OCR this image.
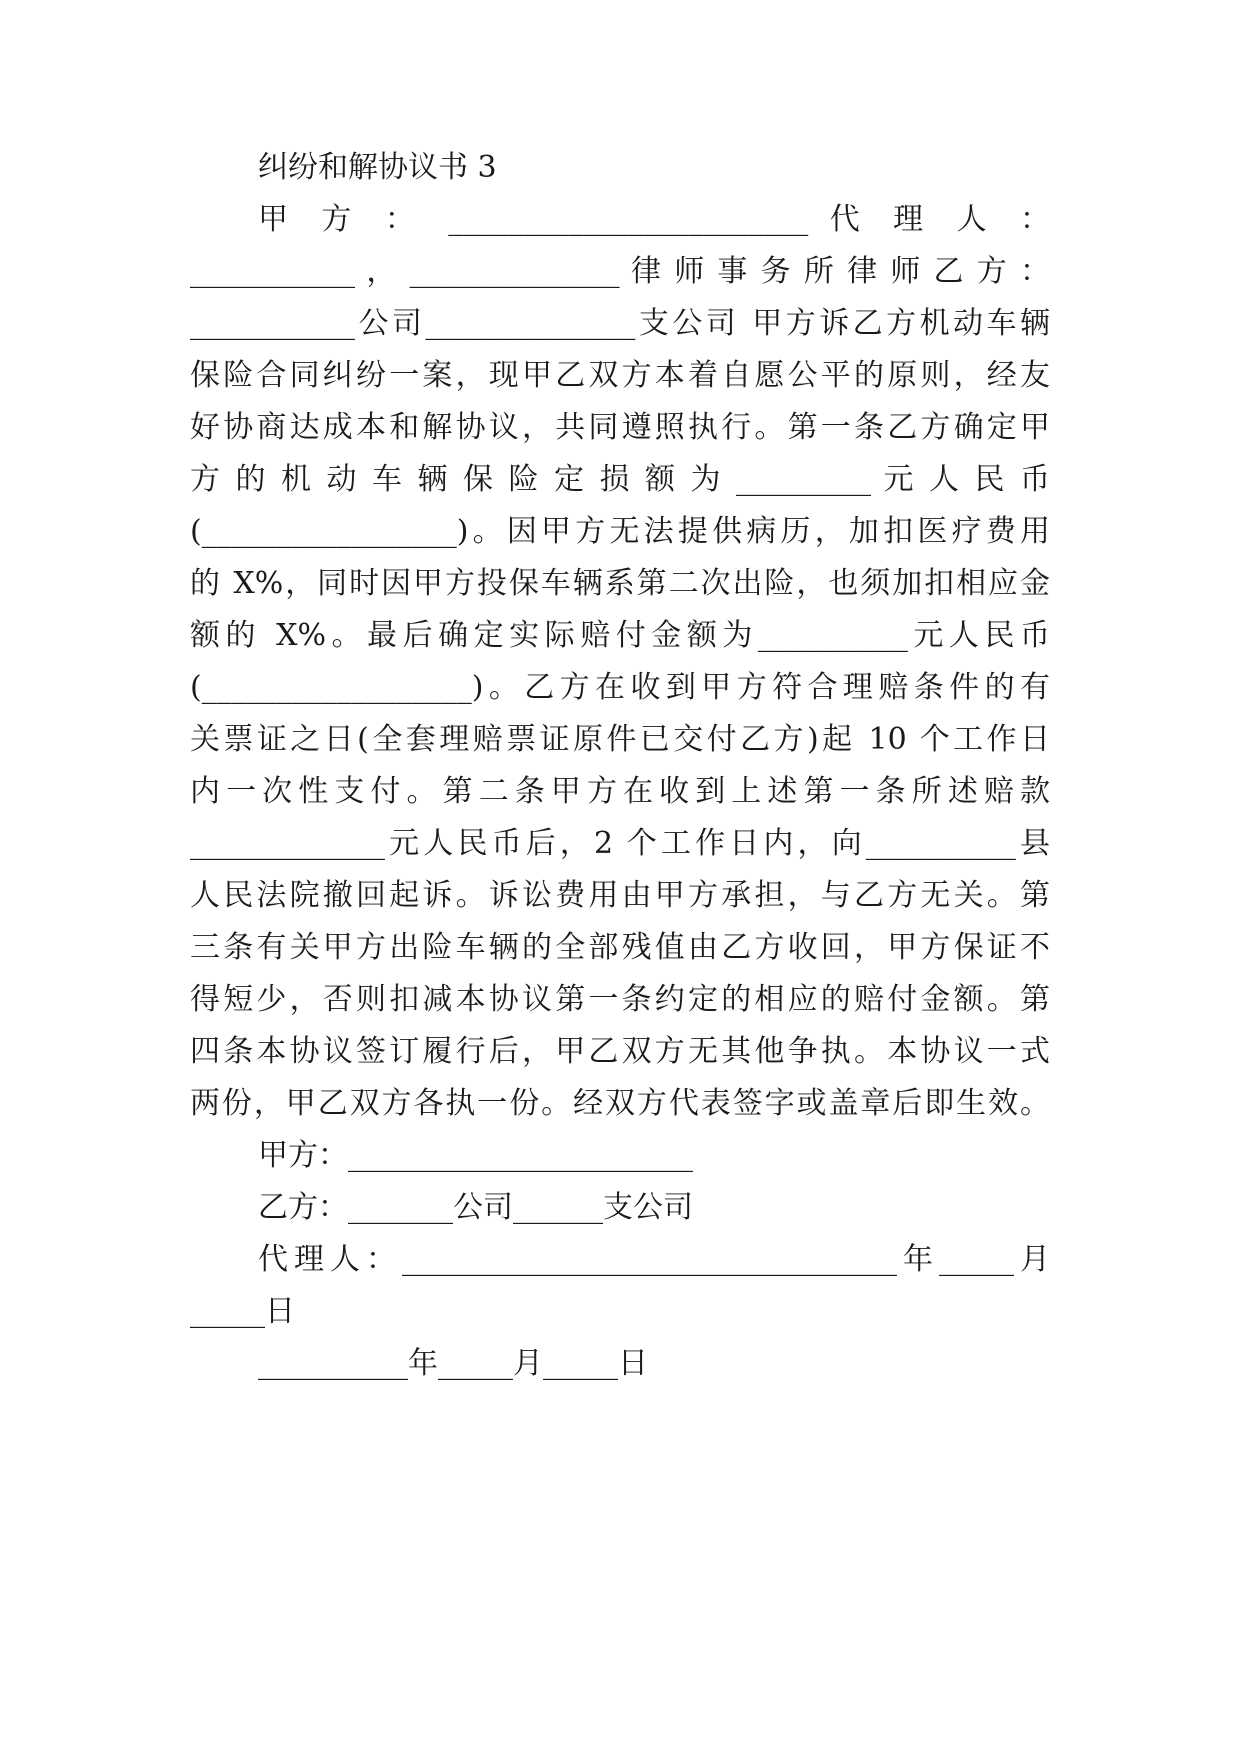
纠纷和解协议书 3
甲 方 ： ________________________ 代 理 人 ：
___________ ， ______________ 律 师 事 务 所 律 师 乙 方 ：
___________公司______________支公司 甲方诉乙方机动车辆
保险合同纠纷一案，现甲乙双方本着自愿公平的原则，经友
好协商达成本和解协议，共同遵照执行。第一条乙方确定甲
方 的 机 动 车 辆 保 险 定 损 额 为 _________ 元 人 民 币
(_________________)。因甲方无法提供病历，加扣医疗费用
的 X%，同时因甲方投保车辆系第二次出险，也须加扣相应金
额的 X%。最后确定实际赔付金额为__________元人民币
(__________________)。乙方在收到甲方符合理赔条件的有
关票证之日(全套理赔票证原件已交付乙方)起 10 个工作日
内一次性支付。第二条甲方在收到上述第一条所述赔款
_____________元人民币后，2 个工作日内，向__________县
人民法院撤回起诉。诉讼费用由甲方承担，与乙方无关。第
三条有关甲方出险车辆的全部残值由乙方收回，甲方保证不
得短少，否则扣减本协议第一条约定的相应的赔付金额。第
四条本协议签订履行后，甲乙双方无其他争执。本协议一式
两份，甲乙双方各执一份。经双方代表签字或盖章后即生效。
甲方：_______________________
乙方：_______公司______支公司
代理人：_________________________________年_____月
_____日
__________年_____月_____日
